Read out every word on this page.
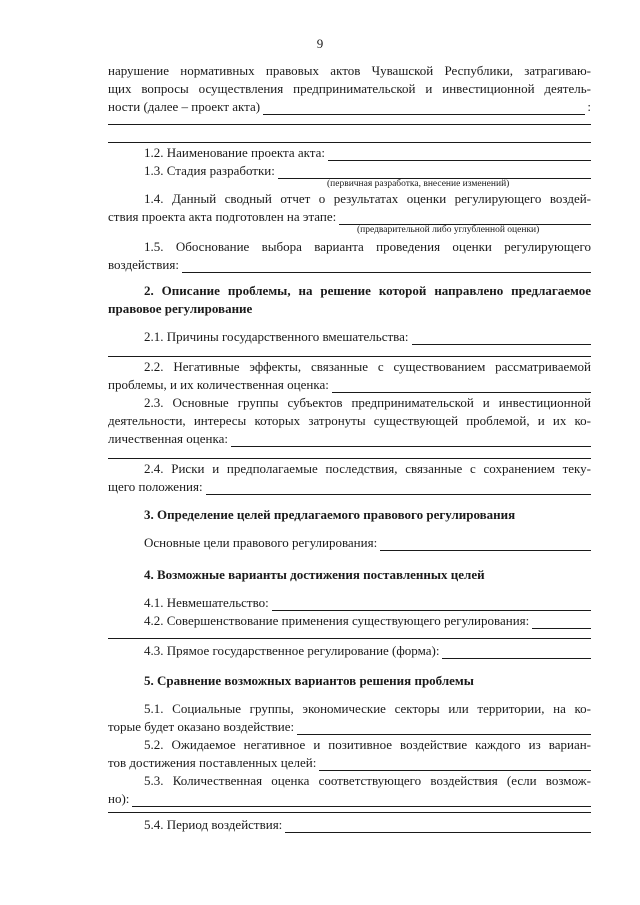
9
нарушение нормативных правовых актов Чувашской Республики, затрагиваю-
щих вопросы осуществления предпринимательской и инвестиционной деятель-
ности (далее – проект акта)	:
1.2. Наименование проекта акта:
1.3. Стадия разработки:
(первичная разработка, внесение изменений)
1.4. Данный сводный отчет о результатах оценки регулирующего воздей-
ствия проекта акта подготовлен на этапе:
(предварительной либо углубленной оценки)
1.5. Обоснование выбора варианта проведения оценки регулирующего
воздействия:
2. Описание проблемы, на решение которой направлено предлагаемое
правовое регулирование
2.1. Причины государственного вмешательства:
2.2. Негативные эффекты, связанные с существованием рассматриваемой
проблемы, и их количественная оценка:
2.3. Основные группы субъектов предпринимательской и инвестиционной
деятельности, интересы которых затронуты существующей проблемой, и их ко-
личественная оценка:
2.4. Риски и предполагаемые последствия, связанные с сохранением теку-
щего положения:
3. Определение целей предлагаемого правового регулирования
Основные цели правового регулирования:
4. Возможные варианты достижения поставленных целей
4.1. Невмешательство:
4.2. Совершенствование применения существующего регулирования:
4.3. Прямое государственное регулирование (форма):
5. Сравнение возможных вариантов решения проблемы
5.1. Социальные группы, экономические секторы или территории, на ко-
торые будет оказано воздействие:
5.2. Ожидаемое негативное и позитивное воздействие каждого из вариан-
тов достижения поставленных целей:
5.3. Количественная оценка соответствующего воздействия (если возмож-
но):
5.4. Период воздействия:
